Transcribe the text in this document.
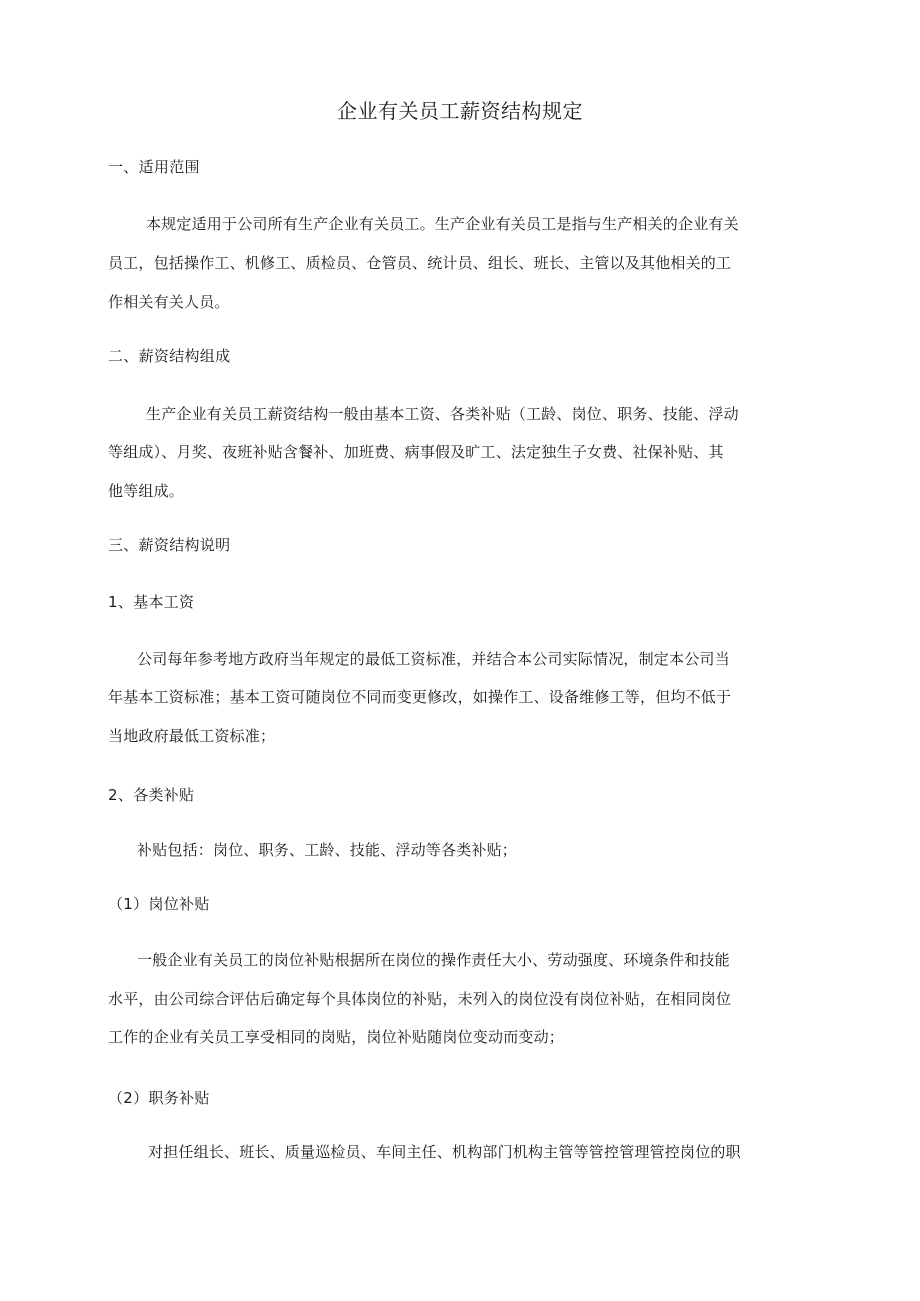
企业有关员工薪资结构规定

一、适用范围

本规定适用于公司所有生产企业有关员工。生产企业有关员工是指与生产相关的企业有关

员工，包括操作工、机修工、质检员、仓管员、统计员、组长、班长、主管以及其他相关的工

作相关有关人员。

二、薪资结构组成

生产企业有关员工薪资结构一般由基本工资、各类补贴（工龄、岗位、职务、技能、浮动

等组成）、月奖、夜班补贴含餐补、加班费、病事假及旷工、法定独生子女费、社保补贴、其

他等组成。

三、薪资结构说明

1、基本工资

公司每年参考地方政府当年规定的最低工资标准，并结合本公司实际情况，制定本公司当

年基本工资标准；基本工资可随岗位不同而变更修改，如操作工、设备维修工等，但均不低于

当地政府最低工资标准；

2、各类补贴

补贴包括：岗位、职务、工龄、技能、浮动等各类补贴；

（1）岗位补贴

一般企业有关员工的岗位补贴根据所在岗位的操作责任大小、劳动强度、环境条件和技能

水平，由公司综合评估后确定每个具体岗位的补贴，未列入的岗位没有岗位补贴，在相同岗位

工作的企业有关员工享受相同的岗贴，岗位补贴随岗位变动而变动；

（2）职务补贴

对担任组长、班长、质量巡检员、车间主任、机构部门机构主管等管控管理管控岗位的职
